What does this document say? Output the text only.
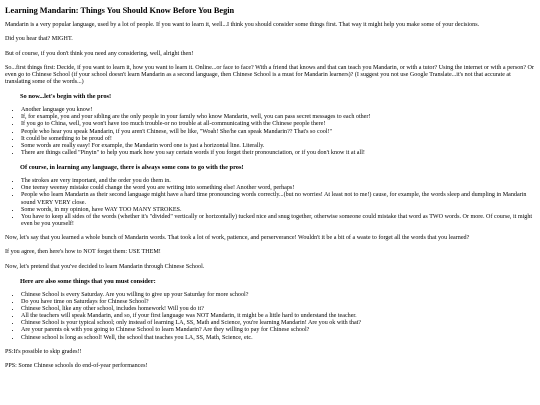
Learning Mandarin: Things You Should Know Before You Begin

Mandarin is a very popular language, used by a lot of people. If you want to learn it, well...I think you should consider some things first. That way it might help you make some of your decisions.

Did you hear that? MIGHT.

But of course, if you don't think you need any considering, well, alright then!

So...first things first: Decide, if you want to learn it, how you want to learn it. Online...or face to face? With a friend that knows and that can teach you Mandarin, or with a tutor? Using the internet or with a person? Or even go to Chinese School (if your school doesn't learn Mandarin as a second language, then Chinese School is a must for Mandarin learners)? (I suggest you not use Google Translate...it's not that accurate at translating some of the words...)

So now...let's begin with the pros!
• Another language you know!
• If, for example, you and your sibling are the only people in your family who know Mandarin, well, you can pass secret messages to each other!
• If you go to China, well, you won't have too much trouble-or no trouble at all-communicating with the Chinese people there!
• People who hear you speak Mandarin, if you aren't Chinese, will be like, "Woah! She/he can speak Mandarin?? That's so cool!"
• It could be something to be proud of!
• Some words are really easy! For example, the Mandarin word one is just a horizontal line. Literally.
• There are things called "Pinyin" to help you mark how you say certain words if you forget their pronounciation, or if you don't know it at all!
Of course, in learning any language, there is always some cons to go with the pros!
• The strokes are very important, and the order you do them in.
• One teensy weensy mistake could change the word you are writing into something else! Another word, perhaps!
• People who learn Mandarin as their second language might have a hard time pronouncing words correctly...(but no worries! At least not to me!) cause, for example, the words sleep and dumpling in Mandarin sound VERY VERY close.
• Some words, in my opinion, have WAY TOO MANY STROKES.
• You have to keep all sides of the words (whether it's "divided" vertically or horizontally) tucked nice and snug together, otherwise someone could mistake that word as TWO words. Or more. Of course, it might even be you yourself!

Now, let's say that you learned a whole bunch of Mandarin words. That took a lot of work, patience, and perserverance! Wouldn't it be a bit of a waste to forget all the words that you learned?

If you agree, then here's how to NOT forget them: USE THEM!

Now, let's pretend that you've decided to learn Mandarin through Chinese School.

Here are also some things that you must consider:
• Chinese School is every Saturday. Are you willing to give up your Saturday for more school?
• Do you have time on Saturdays for Chinese School?
• Chinese School, like any other school, includes homework! Will you do it?
• All the teachers will speak Mandarin, and so, if your first language was NOT Mandarin, it might be a little hard to understand the teacher.
• Chinese School is your typical school; only instead of learning LA, SS, Math and Science, you're learning Mandarin! Are you ok with that?
• Are your parents ok with you going to Chinese School to learn Mandarin? Are they willing to pay for Chinese school?
• Chinese school is long as school! Well, the school that teaches you LA, SS, Math, Science, etc.

PS:It's possible to skip grades!!

PPS: Some Chinese schools do end-of-year performances!
